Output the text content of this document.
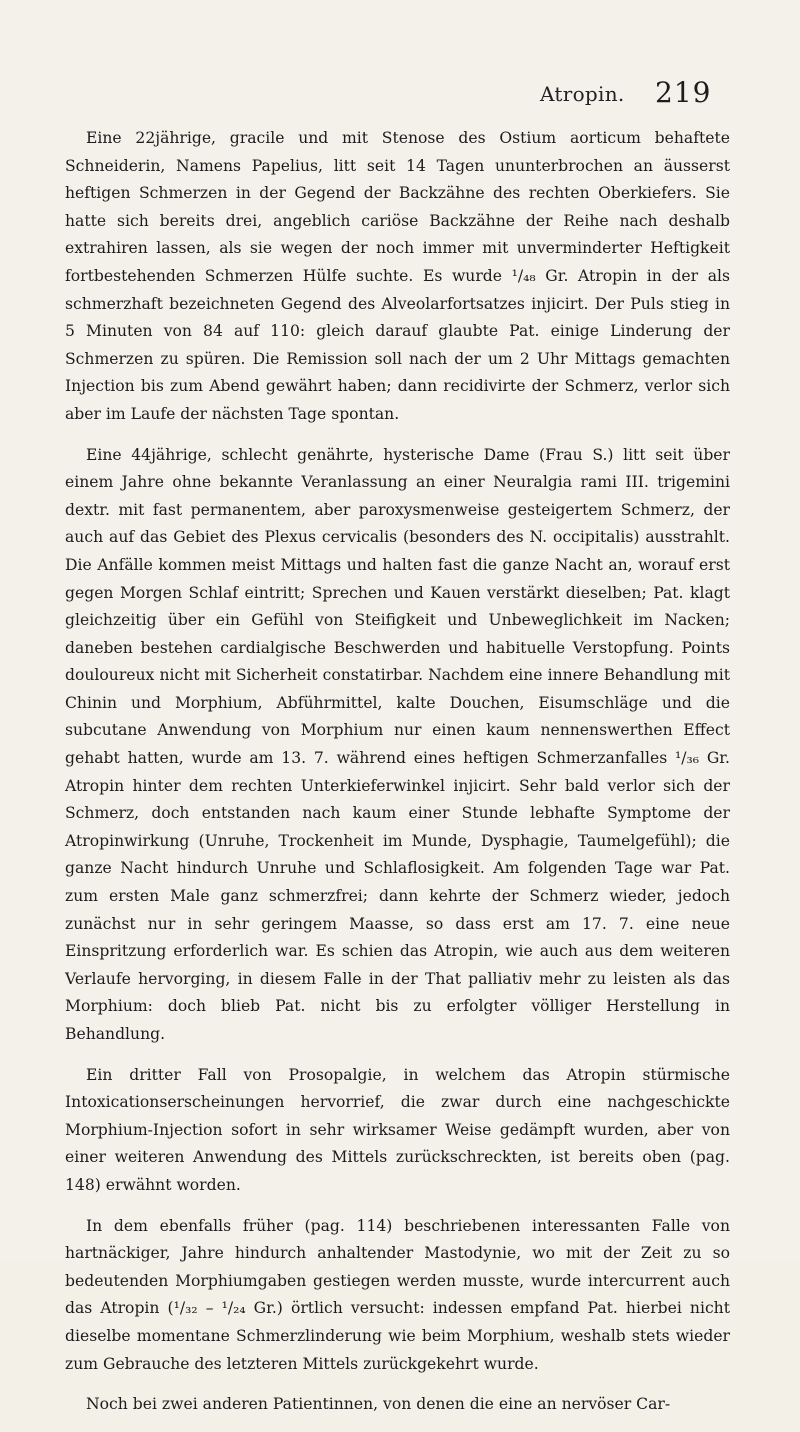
Atropin. 219

Eine 22jährige, gracile und mit Stenose des Ostium aorticum behaftete Schneiderin, Namens Papelius, litt seit 14 Tagen ununterbrochen an äusserst heftigen Schmerzen in der Gegend der Backzähne des rechten Oberkiefers. Sie hatte sich bereits drei, angeblich cariöse Backzähne der Reihe nach deshalb extrahiren lassen, als sie wegen der noch immer mit unverminderter Heftigkeit fortbestehenden Schmerzen Hülfe suchte. Es wurde ¹/₄₈ Gr. Atropin in der als schmerzhaft bezeichneten Gegend des Alveolarfortsatzes injicirt. Der Puls stieg in 5 Minuten von 84 auf 110: gleich darauf glaubte Pat. einige Linderung der Schmerzen zu spüren. Die Remission soll nach der um 2 Uhr Mittags gemachten Injection bis zum Abend gewährt haben; dann recidivirte der Schmerz, verlor sich aber im Laufe der nächsten Tage spontan.

Eine 44jährige, schlecht genährte, hysterische Dame (Frau S.) litt seit über einem Jahre ohne bekannte Veranlassung an einer Neuralgia rami III. trigemini dextr. mit fast permanentem, aber paroxysmenweise gesteigertem Schmerz, der auch auf das Gebiet des Plexus cervicalis (besonders des N. occipitalis) ausstrahlt. Die Anfälle kommen meist Mittags und halten fast die ganze Nacht an, worauf erst gegen Morgen Schlaf eintritt; Sprechen und Kauen verstärkt dieselben; Pat. klagt gleichzeitig über ein Gefühl von Steifigkeit und Unbeweglichkeit im Nacken; daneben bestehen cardialgische Beschwerden und habituelle Verstopfung. Points douloureux nicht mit Sicherheit constatirbar. Nachdem eine innere Behandlung mit Chinin und Morphium, Abführmittel, kalte Douchen, Eisumschläge und die subcutane Anwendung von Morphium nur einen kaum nennenswerthen Effect gehabt hatten, wurde am 13. 7. während eines heftigen Schmerzanfalles ¹/₃₆ Gr. Atropin hinter dem rechten Unterkieferwinkel injicirt. Sehr bald verlor sich der Schmerz, doch entstanden nach kaum einer Stunde lebhafte Symptome der Atropinwirkung (Unruhe, Trockenheit im Munde, Dysphagie, Taumelgefühl); die ganze Nacht hindurch Unruhe und Schlaflosigkeit. Am folgenden Tage war Pat. zum ersten Male ganz schmerzfrei; dann kehrte der Schmerz wieder, jedoch zunächst nur in sehr geringem Maasse, so dass erst am 17. 7. eine neue Einspritzung erforderlich war. Es schien das Atropin, wie auch aus dem weiteren Verlaufe hervorging, in diesem Falle in der That palliativ mehr zu leisten als das Morphium: doch blieb Pat. nicht bis zu erfolgter völliger Herstellung in Behandlung.

Ein dritter Fall von Prosopalgie, in welchem das Atropin stürmische Intoxicationserscheinungen hervorrief, die zwar durch eine nachgeschickte Morphium-Injection sofort in sehr wirksamer Weise gedämpft wurden, aber von einer weiteren Anwendung des Mittels zurückschreckten, ist bereits oben (pag. 148) erwähnt worden.

In dem ebenfalls früher (pag. 114) beschriebenen interessanten Falle von hartnäckiger, Jahre hindurch anhaltender Mastodynie, wo mit der Zeit zu so bedeutenden Morphiumgaben gestiegen werden musste, wurde intercurrent auch das Atropin (¹/₃₂ – ¹/₂₄ Gr.) örtlich versucht: indessen empfand Pat. hierbei nicht dieselbe momentane Schmerzlinderung wie beim Morphium, weshalb stets wieder zum Gebrauche des letzteren Mittels zurückgekehrt wurde.

Noch bei zwei anderen Patientinnen, von denen die eine an nervöser Car-
